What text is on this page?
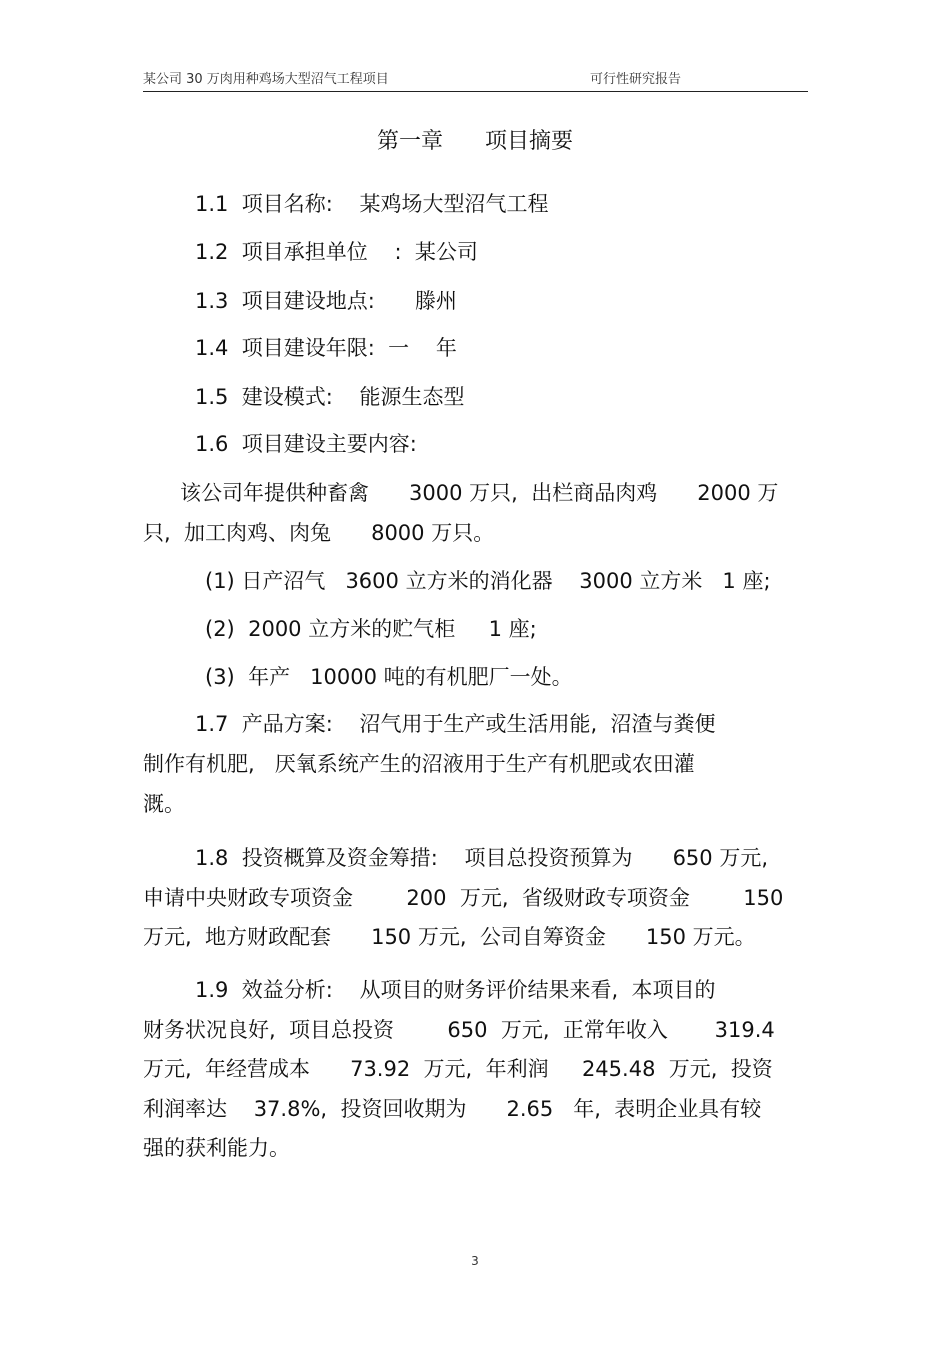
某公司 30 万肉用种鸡场大型沼气工程项目	可行性研究报告
第一章      项目摘要
1.1  项目名称:    某鸡场大型沼气工程
1.2  项目承担单位    :  某公司
1.3  项目建设地点:      滕州
1.4  项目建设年限:  一    年
1.5  建设模式:    能源生态型
1.6  项目建设主要内容:
该公司年提供种畜禽      3000 万只,  出栏商品肉鸡      2000 万
只,  加工肉鸡、肉兔      8000 万只。
(1) 日产沼气   3600 立方米的消化器    3000 立方米   1 座;
(2)  2000 立方米的贮气柜     1 座;
(3)  年产   10000 吨的有机肥厂一处。
1.7  产品方案:    沼气用于生产或生活用能,  沼渣与粪便
制作有机肥,   厌氧系统产生的沼液用于生产有机肥或农田灌
溉。
1.8  投资概算及资金筹措:    项目总投资预算为      650 万元,
申请中央财政专项资金        200  万元,  省级财政专项资金        150
万元,  地方财政配套      150 万元,  公司自筹资金      150 万元。
1.9  效益分析:    从项目的财务评价结果来看,  本项目的
财务状况良好,  项目总投资        650  万元,  正常年收入       319.4
万元,  年经营成本      73.92  万元,  年利润     245.48  万元,  投资
利润率达    37.8%,  投资回收期为      2.65   年,  表明企业具有较
强的获利能力。
3
